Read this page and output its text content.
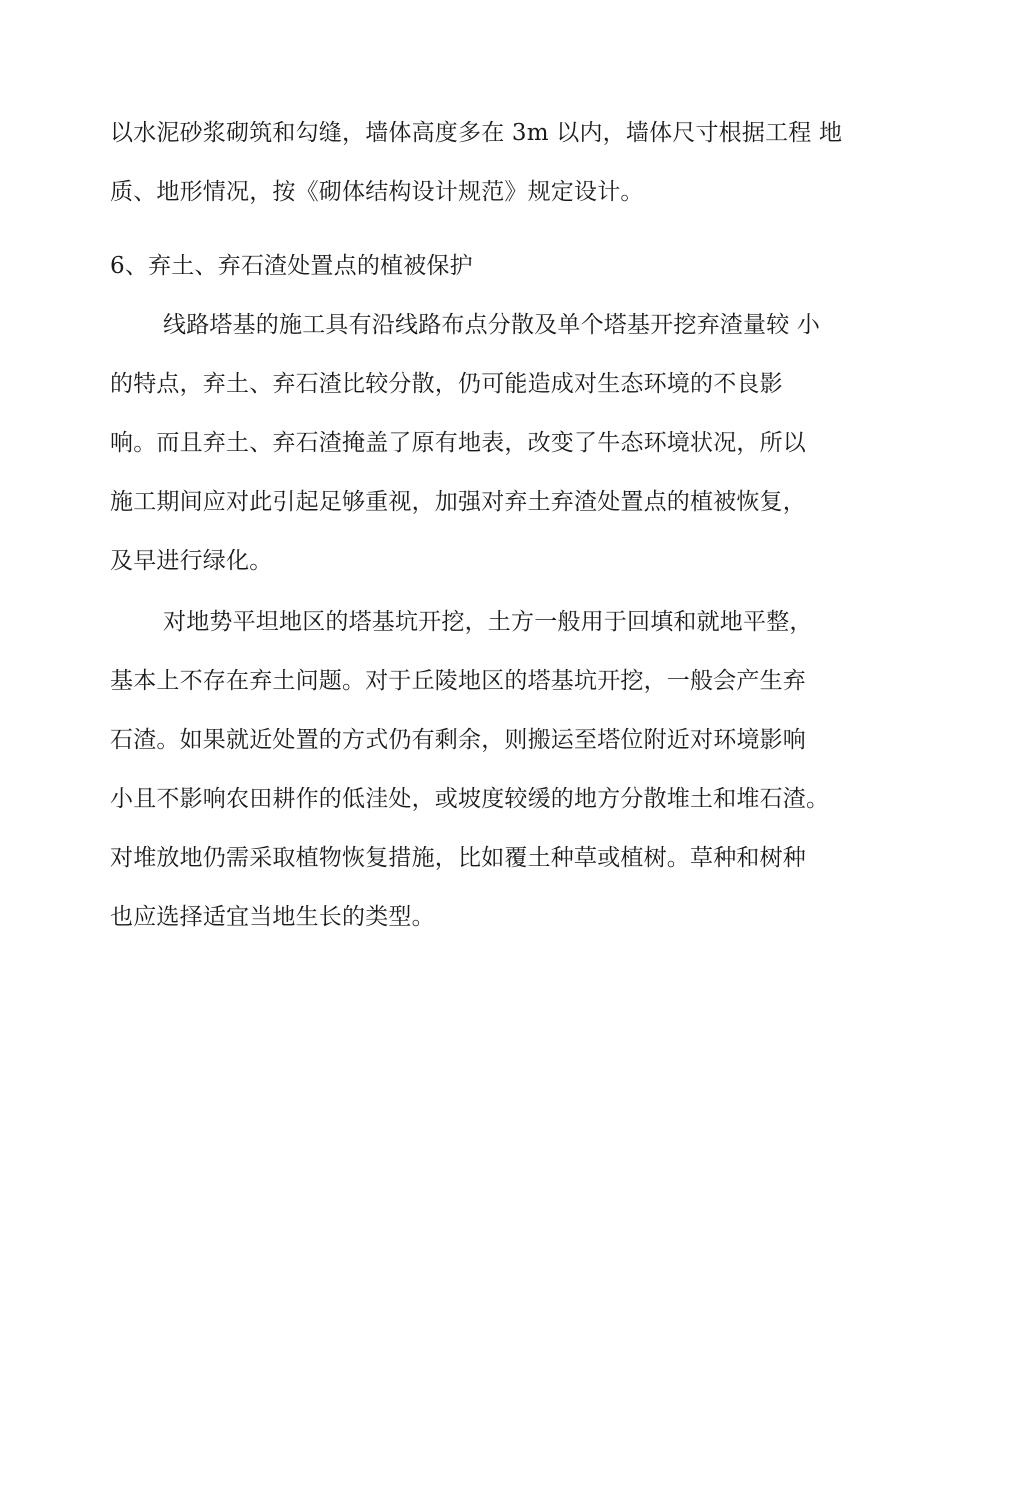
以水泥砂浆砌筑和勾缝，墙体高度多在 3m 以内，墙体尺寸根据工程 地
质、地形情况，按《砌体结构设计规范》规定设计。
6、弃土、弃石渣处置点的植被保护
线路塔基的施工具有沿线路布点分散及单个塔基开挖弃渣量较 小
的特点，弃土、弃石渣比较分散，仍可能造成对生态环境的不良影
响。而且弃土、弃石渣掩盖了原有地表，改变了牛态环境状况，所以
施工期间应对此引起足够重视，加强对弃土弃渣处置点的植被恢复，
及早进行绿化。
对地势平坦地区的塔基坑开挖，土方一般用于回填和就地平整，
基本上不存在弃土问题。对于丘陵地区的塔基坑开挖，一般会产生弃
石渣。如果就近处置的方式仍有剩余，则搬运至塔位附近对环境影响
小且不影响农田耕作的低洼处，或坡度较缓的地方分散堆土和堆石渣。
对堆放地仍需采取植物恢复措施，比如覆土种草或植树。草种和树种
也应选择适宜当地生长的类型。
